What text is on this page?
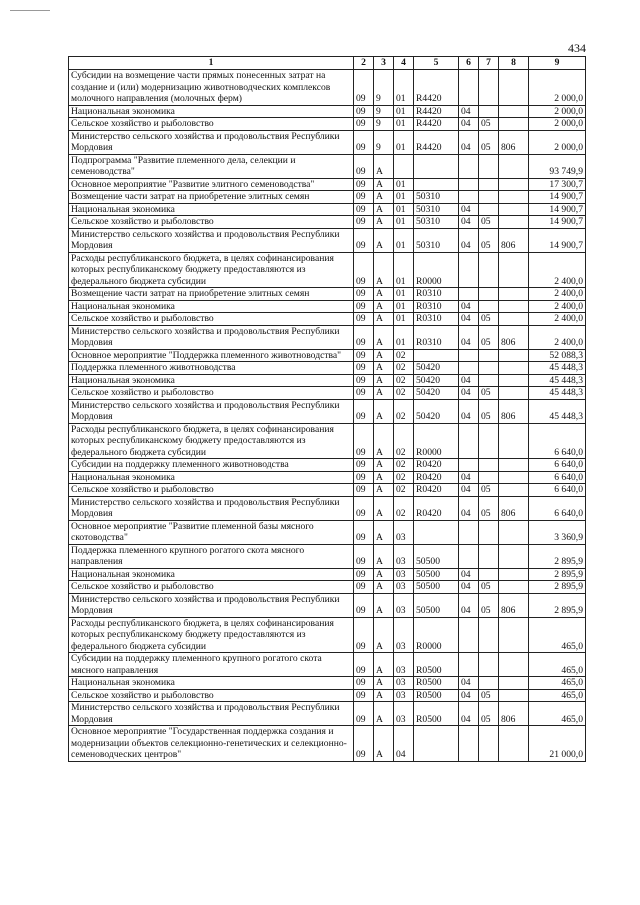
434
1	2	3	4	5	6	7	8	9
Субсидии на возмещение части прямых понесенных затрат на создание и (или) модернизацию животноводческих комплексов молочного направления (молочных ферм)	09	9	01	R4420				2 000,0
Национальная экономика	09	9	01	R4420	04			2 000,0
Сельское хозяйство и рыболовство	09	9	01	R4420	04	05		2 000,0
Министерство сельского хозяйства и продовольствия Республики Мордовия	09	9	01	R4420	04	05	806	2 000,0
Подпрограмма "Развитие племенного дела, селекции и семеноводства"	09	А						93 749,9
Основное мероприятие "Развитие элитного семеноводства"	09	А	01					17 300,7
Возмещение части затрат на приобретение элитных семян	09	А	01	50310				14 900,7
Национальная экономика	09	А	01	50310	04			14 900,7
Сельское хозяйство и рыболовство	09	А	01	50310	04	05		14 900,7
Министерство сельского хозяйства и продовольствия Республики Мордовия	09	А	01	50310	04	05	806	14 900,7
Расходы республиканского бюджета, в целях софинансирования которых республиканскому бюджету предоставляются из федерального бюджета субсидии	09	А	01	R0000				2 400,0
Возмещение части затрат на приобретение элитных семян	09	А	01	R0310				2 400,0
Национальная экономика	09	А	01	R0310	04			2 400,0
Сельское хозяйство и рыболовство	09	А	01	R0310	04	05		2 400,0
Министерство сельского хозяйства и продовольствия Республики Мордовия	09	А	01	R0310	04	05	806	2 400,0
Основное мероприятие "Поддержка племенного животноводства"	09	А	02					52 088,3
Поддержка племенного животноводства	09	А	02	50420				45 448,3
Национальная экономика	09	А	02	50420	04			45 448,3
Сельское хозяйство и рыболовство	09	А	02	50420	04	05		45 448,3
Министерство сельского хозяйства и продовольствия Республики Мордовия	09	А	02	50420	04	05	806	45 448,3
Расходы республиканского бюджета, в целях софинансирования которых республиканскому бюджету предоставляются из федерального бюджета субсидии	09	А	02	R0000				6 640,0
Субсидии на поддержку племенного животноводства	09	А	02	R0420				6 640,0
Национальная экономика	09	А	02	R0420	04			6 640,0
Сельское хозяйство и рыболовство	09	А	02	R0420	04	05		6 640,0
Министерство сельского хозяйства и продовольствия Республики Мордовия	09	А	02	R0420	04	05	806	6 640,0
Основное мероприятие "Развитие племенной базы мясного скотоводства"	09	А	03					3 360,9
Поддержка племенного крупного рогатого скота мясного направления	09	А	03	50500				2 895,9
Национальная экономика	09	А	03	50500	04			2 895,9
Сельское хозяйство и рыболовство	09	А	03	50500	04	05		2 895,9
Министерство сельского хозяйства и продовольствия Республики Мордовия	09	А	03	50500	04	05	806	2 895,9
Расходы республиканского бюджета, в целях софинансирования которых республиканскому бюджету предоставляются из федерального бюджета субсидии	09	А	03	R0000				465,0
Субсидии на поддержку племенного крупного рогатого скота мясного направления	09	А	03	R0500				465,0
Национальная экономика	09	А	03	R0500	04			465,0
Сельское хозяйство и рыболовство	09	А	03	R0500	04	05		465,0
Министерство сельского хозяйства и продовольствия Республики Мордовия	09	А	03	R0500	04	05	806	465,0
Основное мероприятие "Государственная поддержка создания и модернизации объектов селекционно-генетических и селекционно-семеноводческих центров"	09	А	04					21 000,0
